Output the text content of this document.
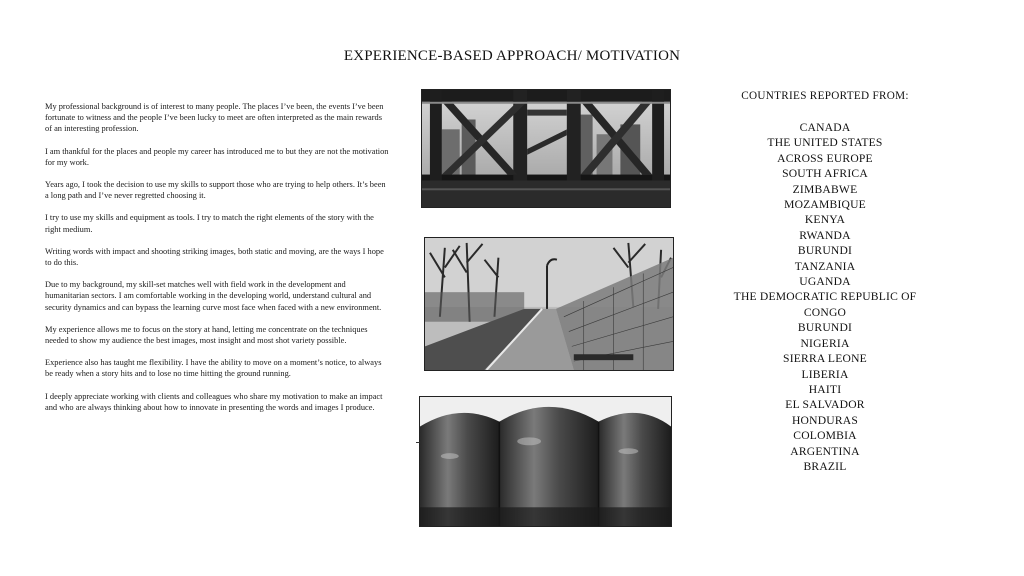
EXPERIENCE-BASED APPROACH/ MOTIVATION

My professional background is of interest to many people. The places I’ve been, the events I’ve been fortunate to witness and the people I’ve been lucky to meet are often interpreted as the main rewards of an interesting profession.

I am thankful for the places and people my career has introduced me to but they are not the motivation for my work.

Years ago, I took the decision to use my skills to support those who are trying to help others. It’s been a long path and I’ve never regretted choosing it.

I try to use my skills and equipment as tools. I try to match the right elements of the story with the right medium.

Writing words with impact and shooting striking images, both static and moving, are the ways I hope to do this.

Due to my background, my skill-set matches well with field work in the development and humanitarian sectors. I am comfortable working in the developing world, understand cultural and security dynamics and can bypass the learning curve most face when faced with a new environment.

My experience allows me to focus on the story at hand, letting me concentrate on the techniques needed to show my audience the best images, most insight and most shot variety possible.

Experience also has taught me flexibility. I have the ability to move on a moment’s notice, to always be ready when a story hits and to lose no time hitting the ground running.

I deeply appreciate working with clients and colleagues who share my motivation to make an impact and who are always thinking about how to innovate in presenting the words and images I produce.

COUNTRIES REPORTED FROM:
CANADA
THE UNITED STATES
ACROSS EUROPE
SOUTH AFRICA
ZIMBABWE
MOZAMBIQUE
KENYA
RWANDA
BURUNDI
TANZANIA
UGANDA
THE DEMOCRATIC REPUBLIC OF
CONGO
BURUNDI
NIGERIA
SIERRA LEONE
LIBERIA
HAITI
EL SALVADOR
HONDURAS
COLOMBIA
ARGENTINA
BRAZIL
